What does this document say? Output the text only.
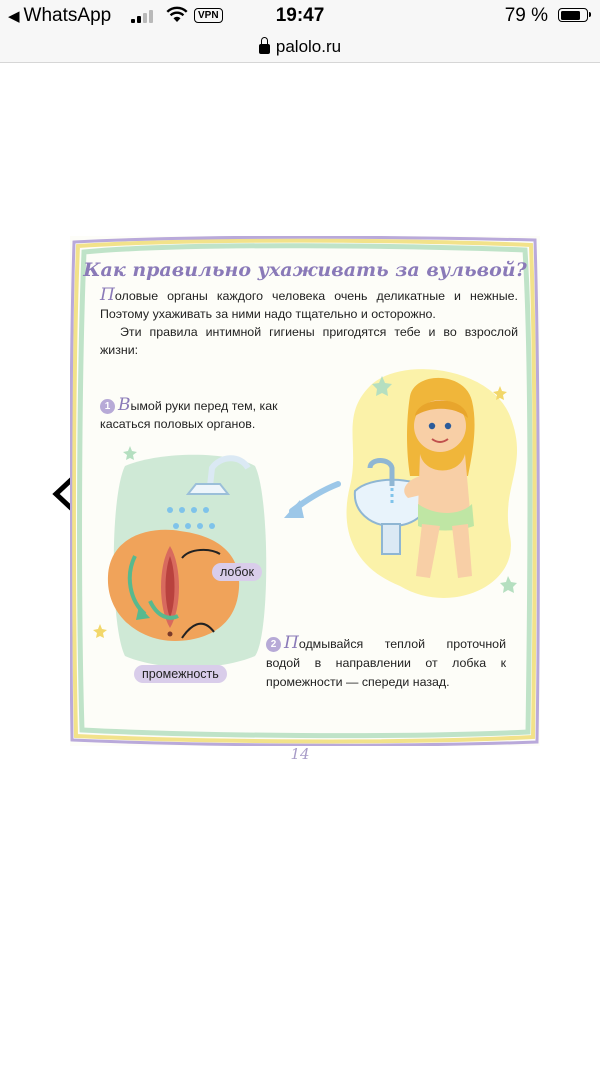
◀ WhatsApp	VPN	19:47	79 %
palolo.ru
Как правильно ухаживать за вульвой?

Половые органы каждого человека очень деликатные и нежные. Поэтому ухаживать за ними надо тщательно и осторожно.

Эти правила интимной гигиены пригодятся тебе и во взрослой жизни:

1 Вымой руки перед тем, как касаться половых органов.
лобок
промежность
2 Подмывайся теплой проточной водой в направлении от лобка к промежности — спереди назад.
14
